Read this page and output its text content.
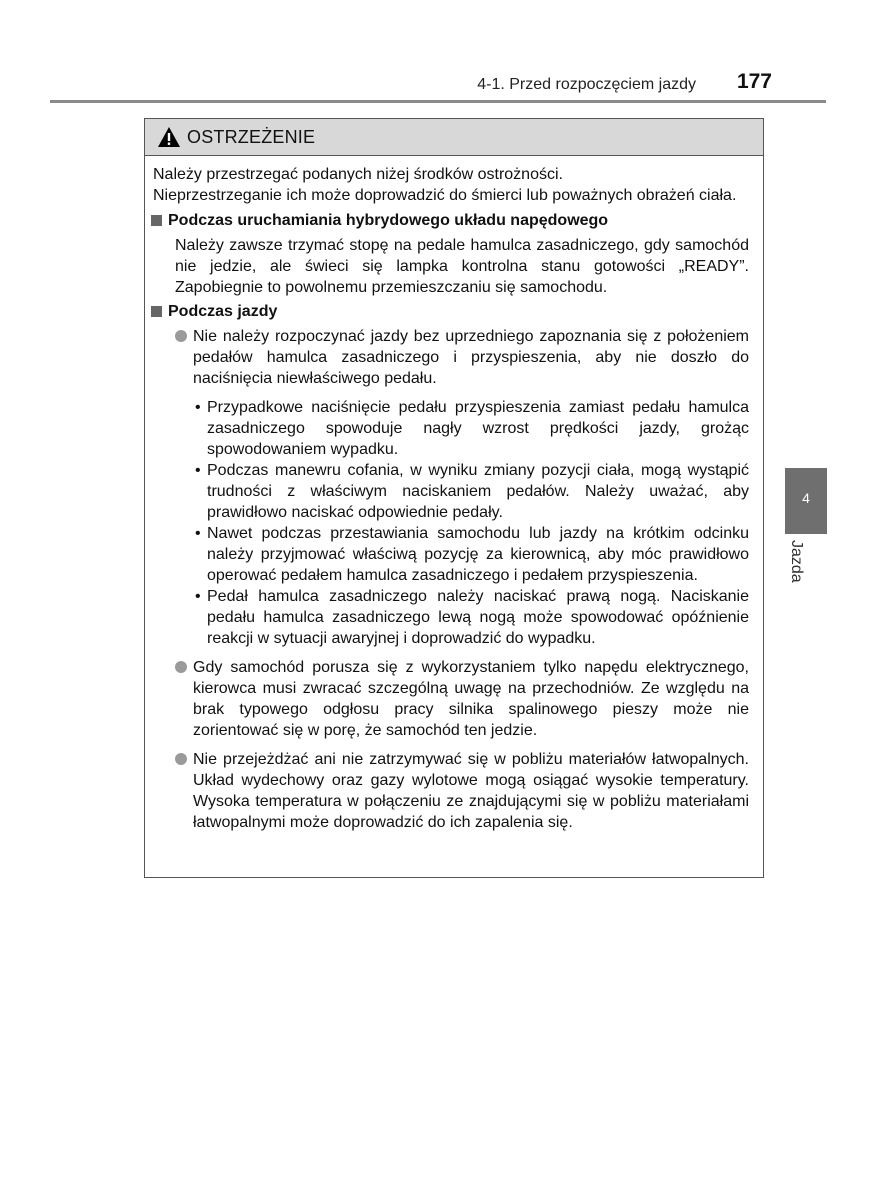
4-1. Przed rozpoczęciem jazdy 177
OSTRZEŻENIE
Należy przestrzegać podanych niżej środków ostrożności.
Nieprzestrzeganie ich może doprowadzić do śmierci lub poważnych obrażeń ciała.
Podczas uruchamiania hybrydowego układu napędowego
Należy zawsze trzymać stopę na pedale hamulca zasadniczego, gdy samochód nie jedzie, ale świeci się lampka kontrolna stanu gotowości „READY”. Zapobiegnie to powolnemu przemieszczaniu się samochodu.
Podczas jazdy
Nie należy rozpoczynać jazdy bez uprzedniego zapoznania się z położeniem pedałów hamulca zasadniczego i przyspieszenia, aby nie doszło do naciśnięcia niewłaściwego pedału.
• Przypadkowe naciśnięcie pedału przyspieszenia zamiast pedału hamulca zasadniczego spowoduje nagły wzrost prędkości jazdy, grożąc spowodowaniem wypadku.
• Podczas manewru cofania, w wyniku zmiany pozycji ciała, mogą wystąpić trudności z właściwym naciskaniem pedałów. Należy uważać, aby prawidłowo naciskać odpowiednie pedały.
• Nawet podczas przestawiania samochodu lub jazdy na krótkim odcinku należy przyjmować właściwą pozycję za kierownicą, aby móc prawidłowo operować pedałem hamulca zasadniczego i pedałem przyspieszenia.
• Pedał hamulca zasadniczego należy naciskać prawą nogą. Naciskanie pedału hamulca zasadniczego lewą nogą może spowodować opóźnienie reakcji w sytuacji awaryjnej i doprowadzić do wypadku.
Gdy samochód porusza się z wykorzystaniem tylko napędu elektrycznego, kierowca musi zwracać szczególną uwagę na przechodniów. Ze względu na brak typowego odgłosu pracy silnika spalinowego pieszy może nie zorientować się w porę, że samochód ten jedzie.
Nie przejeżdżać ani nie zatrzymywać się w pobliżu materiałów łatwopalnych. Układ wydechowy oraz gazy wylotowe mogą osiągać wysokie temperatury. Wysoka temperatura w połączeniu ze znajdującymi się w pobliżu materiałami łatwopalnymi może doprowadzić do ich zapalenia się.
4
Jazda
